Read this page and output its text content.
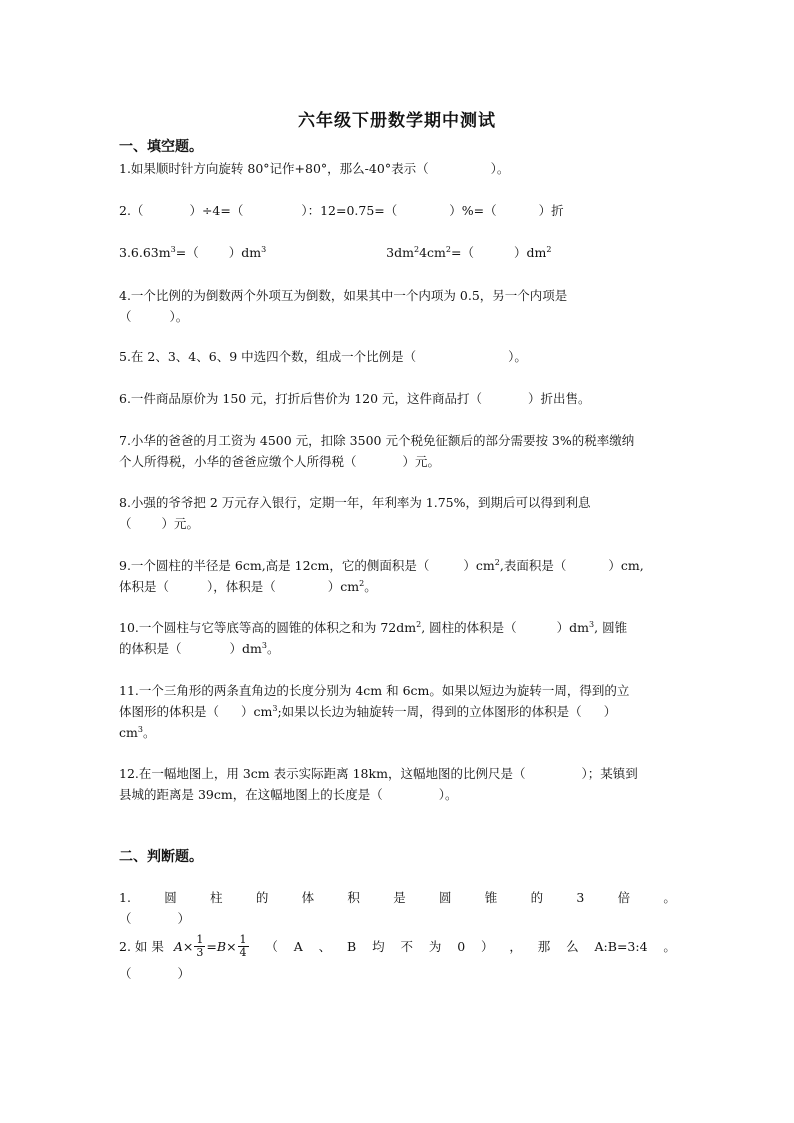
六年级下册数学期中测试
一、填空题。
1.如果顺时针方向旋转 80°记作+80°，那么-40°表示（	）。
2.（	）÷4=（	）：12=0.75=（	）%=（	）折
$3.6.63m^3=$（ ）$dm^3$	$3dm^24cm^2=$（	）$dm^2$
4.一个比例的为倒数两个外项互为倒数，如果其中一个内项为 0.5，另一个内项是
（	）。
5.在 2、3、4、6、9 中选四个数，组成一个比例是（	）。
6.一件商品原价为 150 元，打折后售价为 120 元，这件商品打（	）折出售。
7.小华的爸爸的月工资为 4500 元，扣除 3500 元个税免征额后的部分需要按 3%的税率缴纳
个人所得税，小华的爸爸应缴个人所得税（	）元。
8.小强的爷爷把 2 万元存入银行，定期一年，年利率为 1.75%，到期后可以得到利息
（ ）元。
9.一个圆柱的半径是 6cm,高是 12cm，它的侧面积是（	）$cm^2$,表面积是（	）cm,
体积是（	），体积是（	）$cm^2$。
10.一个圆柱与它等底等高的圆锥的体积之和为 $72dm^2$, 圆柱的体积是（	）$dm^3$, 圆锥
的体积是（	）$dm^3$。
11.一个三角形的两条直角边的长度分别为 4cm 和 6cm。如果以短边为旋转一周，得到的立
体图形的体积是（ ）$cm^3$;如果以长边为轴旋转一周，得到的立体图形的体积是（ ）
$cm^3$。
12.在一幅地图上，用 3cm 表示实际距离 18km，这幅地图的比例尺是（	）；某镇到
县城的距离是 39cm，在这幅地图上的长度是（	）。
二、判断题。
1.	圆	柱	的	体	积	是	圆	锥	的	3	倍	。
（	）
2. 如 果 $A \times \frac{1}{3} = B \times \frac{1}{4}$ （ A 、 B 均 不 为 0 ） ， 那 么 A:B=3:4 。
（	）
